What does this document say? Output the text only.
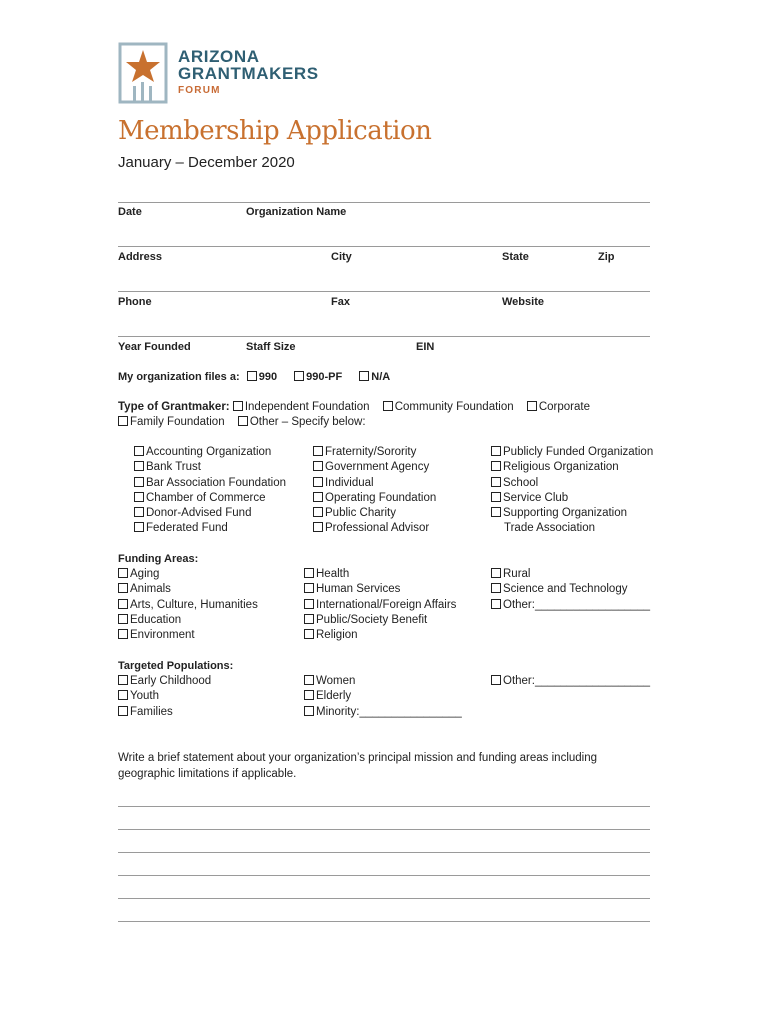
ARIZONA
GRANTMAKERS
FORUM
Membership Application
January – December 2020
Date	Organization Name
Address	City	State	Zip
Phone	Fax	Website
Year Founded	Staff Size	EIN
My organization files a: 990	990-PF	N/A
Type of Grantmaker: Independent Foundation Community Foundation Corporate
Family Foundation Other – Specify below:
Accounting Organization
Bank Trust
Bar Association Foundation
Chamber of Commerce
Donor-Advised Fund
Federated Fund
Fraternity/Sorority
Government Agency
Individual
Operating Foundation
Public Charity
Professional Advisor
Publicly Funded Organization
Religious Organization
School
Service Club
Supporting Organization
Trade Association
Funding Areas:
Aging
Animals
Arts, Culture, Humanities
Education
Environment
Health
Human Services
International/Foreign Affairs
Public/Society Benefit
Religion
Rural
Science and Technology
Other:__________________
Targeted Populations:
Early Childhood
Youth
Families
Women
Elderly
Minority:________________
Other:__________________
Write a brief statement about your organization’s principal mission and funding areas including geographic limitations if applicable.
